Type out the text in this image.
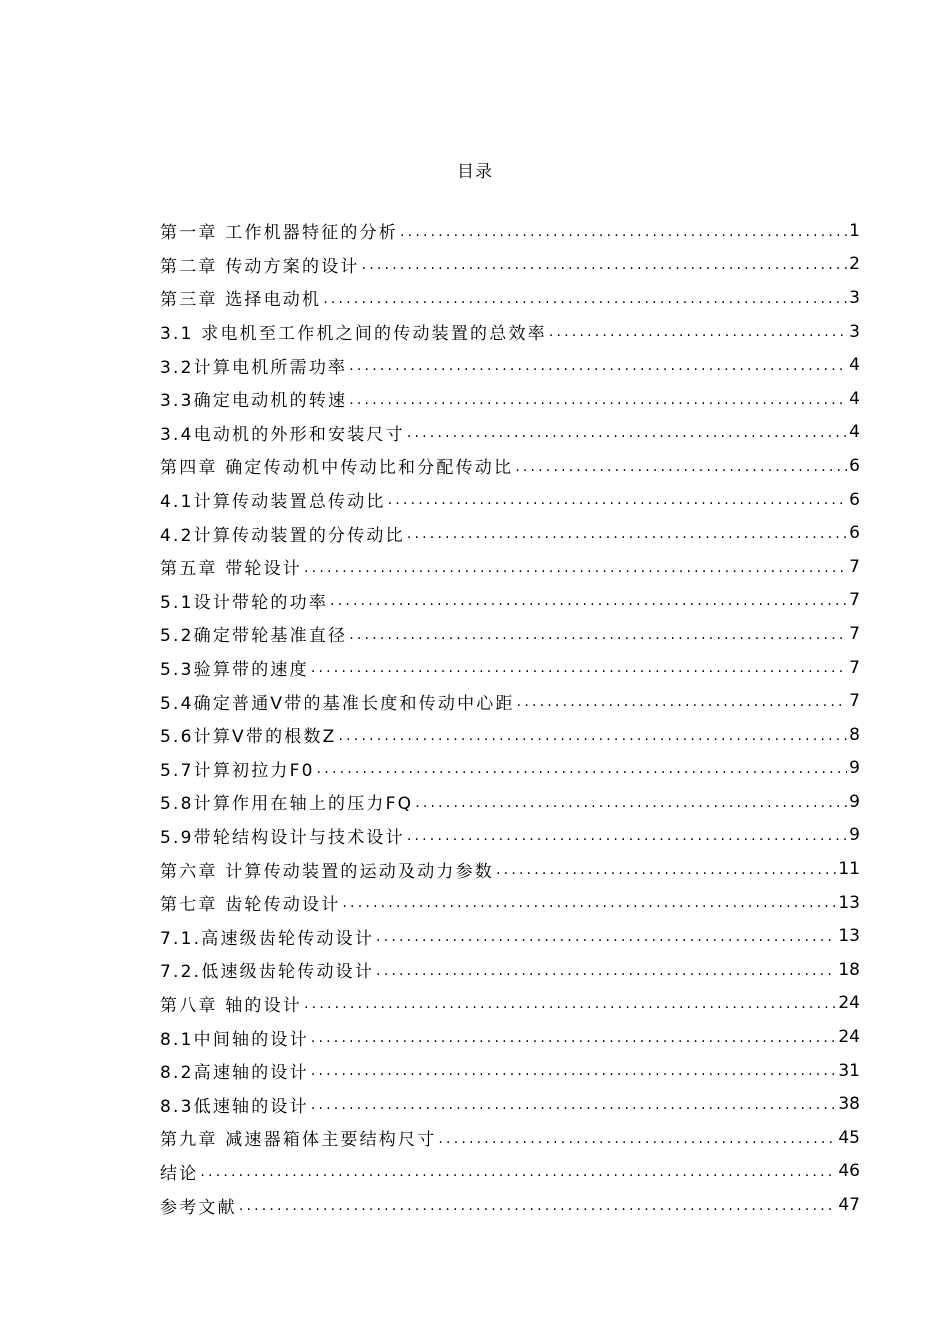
目录
第一章 工作机器特征的分析 .....	1
第二章 传动方案的设计 .....	2
第三章 选择电动机 .....	3
3.1 求电机至工作机之间的传动装置的总效率 .....	3
3.2计算电机所需功率 .....	4
3.3确定电动机的转速 .....	4
3.4电动机的外形和安装尺寸 .....	4
第四章 确定传动机中传动比和分配传动比 .....	6
4.1计算传动装置总传动比 .....	6
4.2计算传动装置的分传动比 .....	6
第五章 带轮设计 .....	7
5.1设计带轮的功率 .....	7
5.2确定带轮基准直径 .....	7
5.3验算带的速度 .....	7
5.4确定普通V带的基准长度和传动中心距 .....	7
5.6计算V带的根数Z .....	8
5.7计算初拉力F0 .....	9
5.8计算作用在轴上的压力FQ .....	9
5.9带轮结构设计与技术设计 .....	9
第六章 计算传动装置的运动及动力参数 .....	11
第七章 齿轮传动设计 .....	13
7.1.高速级齿轮传动设计 .....	13
7.2.低速级齿轮传动设计 .....	18
第八章 轴的设计 .....	24
8.1中间轴的设计 .....	24
8.2高速轴的设计 .....	31
8.3低速轴的设计 .....	38
第九章 减速器箱体主要结构尺寸 .....	45
结论 .....	46
参考文献 .....	47
